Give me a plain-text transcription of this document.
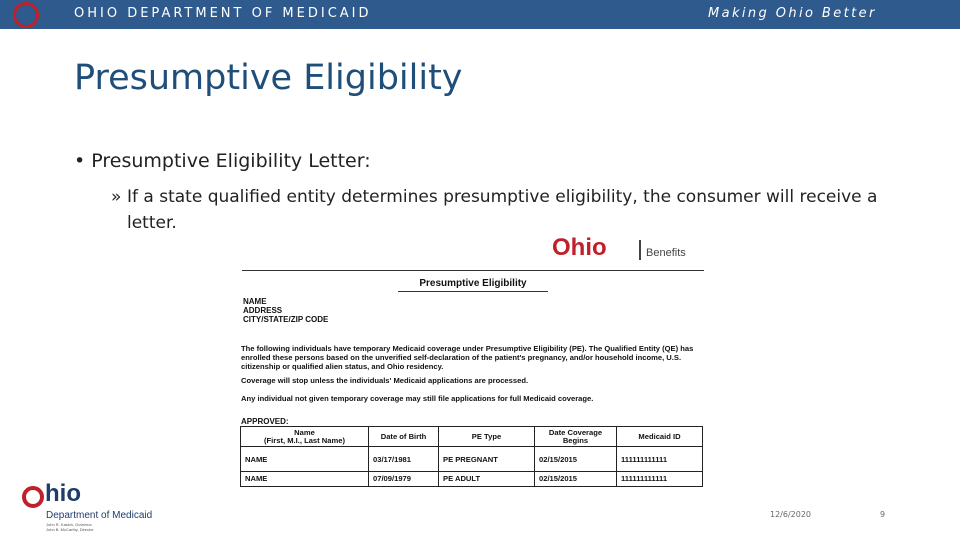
OHIO DEPARTMENT OF MEDICAID	Making Ohio Better
Presumptive Eligibility
• Presumptive Eligibility Letter:
» If a state qualified entity determines presumptive eligibility, the consumer will receive a letter.
Ohio	Benefits
Presumptive Eligibility
NAME
ADDRESS
CITY/STATE/ZIP CODE
The following individuals have temporary Medicaid coverage under Presumptive Eligibility (PE). The Qualified Entity (QE) has enrolled these persons based on the unverified self-declaration of the patient's pregnancy, and/or household income, U.S. citizenship or qualified alien status, and Ohio residency.
Coverage will stop unless the individuals' Medicaid applications are processed.
Any individual not given temporary coverage may still file applications for full Medicaid coverage.
APPROVED:
Name
(First, M.I., Last Name)	Date of Birth	PE Type	Date Coverage Begins	Medicaid ID
NAME	03/17/1981	PE PREGNANT	02/15/2015	111111111111
NAME	07/09/1979	PE ADULT	02/15/2015	111111111111
hio
Department of Medicaid
John R. Kasich, Governor
John B. McCarthy, Director
12/6/2020	9
